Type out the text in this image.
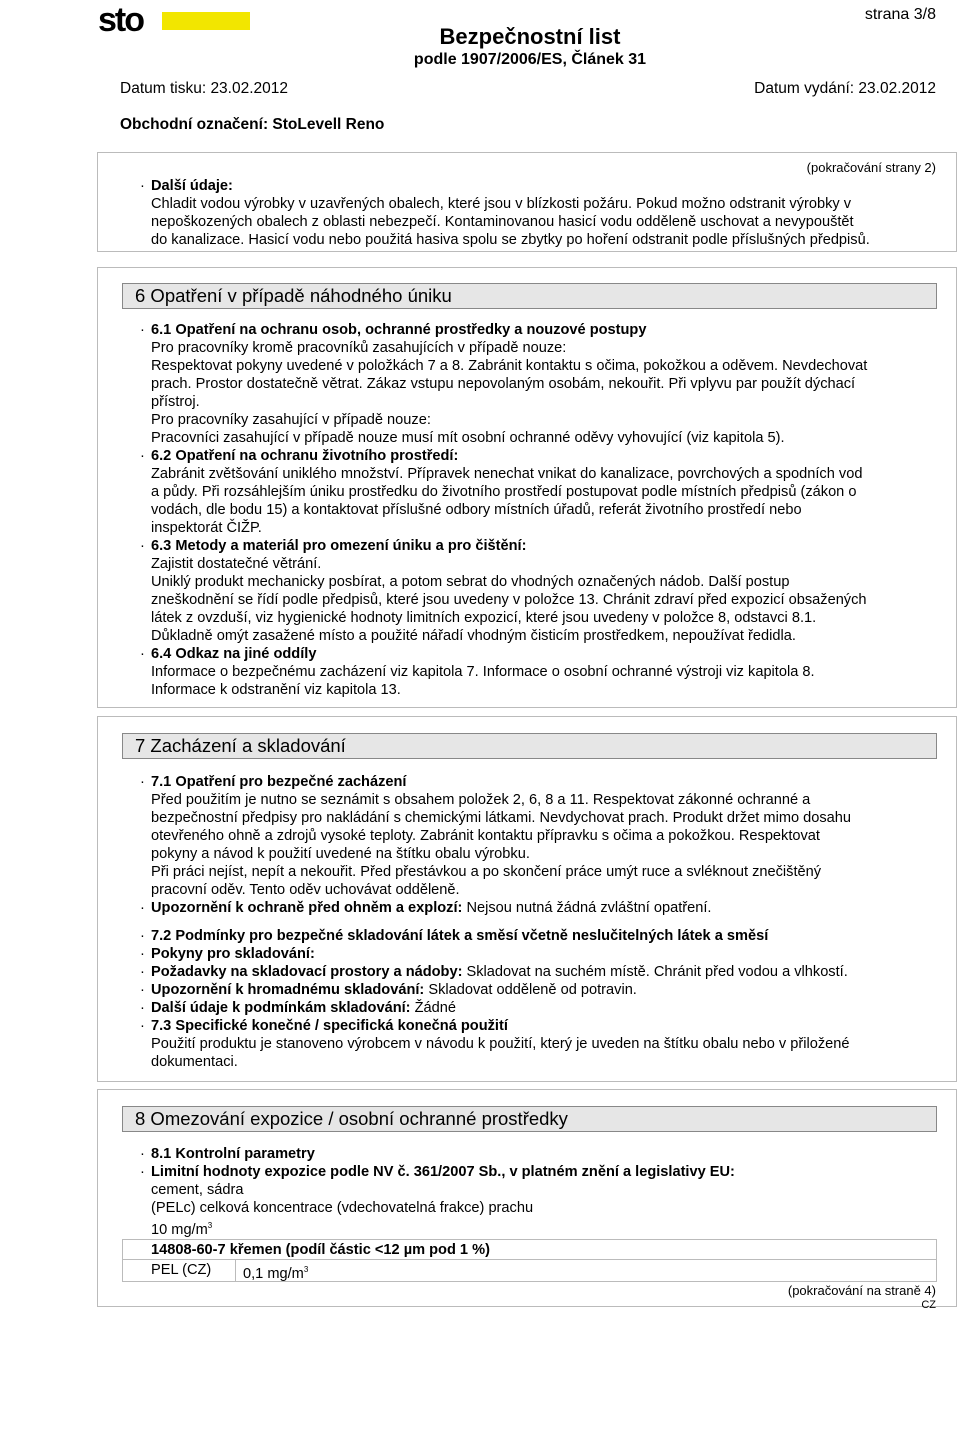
sto	strana 3/8
Bezpečnostní list
podle 1907/2006/ES, Článek 31
Datum tisku: 23.02.2012	Datum vydání: 23.02.2012
Obchodní označení: StoLevell Reno
(pokračování strany 2)
· Další údaje:
Chladit vodou výrobky v uzavřených obalech, které jsou v blízkosti požáru. Pokud možno odstranit výrobky v
nepoškozených obalech z oblasti nebezpečí. Kontaminovanou hasicí vodu odděleně uschovat a nevypouštět
do kanalizace. Hasicí vodu nebo použitá hasiva spolu se zbytky po hoření odstranit podle příslušných předpisů.
6 Opatření v případě náhodného úniku
· 6.1 Opatření na ochranu osob, ochranné prostředky a nouzové postupy
Pro pracovníky kromě pracovníků zasahujících v případě nouze:
Respektovat pokyny uvedené v položkách 7 a 8. Zabránit kontaktu s očima, pokožkou a oděvem. Nevdechovat
prach. Prostor dostatečně větrat. Zákaz vstupu nepovolaným osobám, nekouřit. Při vplyvu par použít dýchací
přístroj.
Pro pracovníky zasahující v případě nouze:
Pracovníci zasahující v případě nouze musí mít osobní ochranné oděvy vyhovující (viz kapitola 5).
· 6.2 Opatření na ochranu životního prostředí:
Zabránit zvětšování uniklého množství. Přípravek nenechat vnikat do kanalizace, povrchových a spodních vod
a půdy. Při rozsáhlejším úniku prostředku do životního prostředí postupovat podle místních předpisů (zákon o
vodách, dle bodu 15) a kontaktovat příslušné odbory místních úřadů, referát životního prostředí nebo
inspektorát ČIŽP.
· 6.3 Metody a materiál pro omezení úniku a pro čištění:
Zajistit dostatečné větrání.
Uniklý produkt mechanicky posbírat, a potom sebrat do vhodných označených nádob. Další postup
zneškodnění se řídí podle předpisů, které jsou uvedeny v položce 13. Chránit zdraví před expozicí obsažených
látek z ovzduší, viz hygienické hodnoty limitních expozicí, které jsou uvedeny v položce 8, odstavci 8.1.
Důkladně omýt zasažené místo a použité nářadí vhodným čisticím prostředkem, nepoužívat ředidla.
· 6.4 Odkaz na jiné oddíly
Informace o bezpečnému zacházení viz kapitola 7. Informace o osobní ochranné výstroji viz kapitola 8.
Informace k odstranění viz kapitola 13.
7 Zacházení a skladování
· 7.1 Opatření pro bezpečné zacházení
Před použitím je nutno se seznámit s obsahem položek 2, 6, 8 a 11. Respektovat zákonné ochranné a
bezpečnostní předpisy pro nakládání s chemickými látkami. Nevdychovat prach. Produkt držet mimo dosahu
otevřeného ohně a zdrojů vysoké teploty. Zabránit kontaktu přípravku s očima a pokožkou. Respektovat
pokyny a návod k použití uvedené na štítku obalu výrobku.
Při práci nejíst, nepít a nekouřit. Před přestávkou a po skončení práce umýt ruce a svléknout znečištěný
pracovní oděv. Tento oděv uchovávat odděleně.
· Upozornění k ochraně před ohněm a explozí: Nejsou nutná žádná zvláštní opatření.
· 7.2 Podmínky pro bezpečné skladování látek a směsí včetně neslučitelných látek a směsí
· Pokyny pro skladování:
· Požadavky na skladovací prostory a nádoby: Skladovat na suchém místě. Chránit před vodou a vlhkostí.
· Upozornění k hromadnému skladování: Skladovat odděleně od potravin.
· Další údaje k podmínkám skladování: Žádné
· 7.3 Specifické konečné / specifická konečná použití
Použití produktu je stanoveno výrobcem v návodu k použití, který je uveden na štítku obalu nebo v přiložené
dokumentaci.
8 Omezování expozice / osobní ochranné prostředky
· 8.1 Kontrolní parametry
· Limitní hodnoty expozice podle NV č. 361/2007 Sb., v platném znění a legislativy EU:
cement, sádra
(PELc) celková koncentrace (vdechovatelná frakce) prachu
10 $mg/m^3$
14808-60-7 křemen (podíl částic <12 µm pod 1 %)
PEL (CZ) 0,1 $mg/m^3$
(pokračování na straně 4)
CZ
